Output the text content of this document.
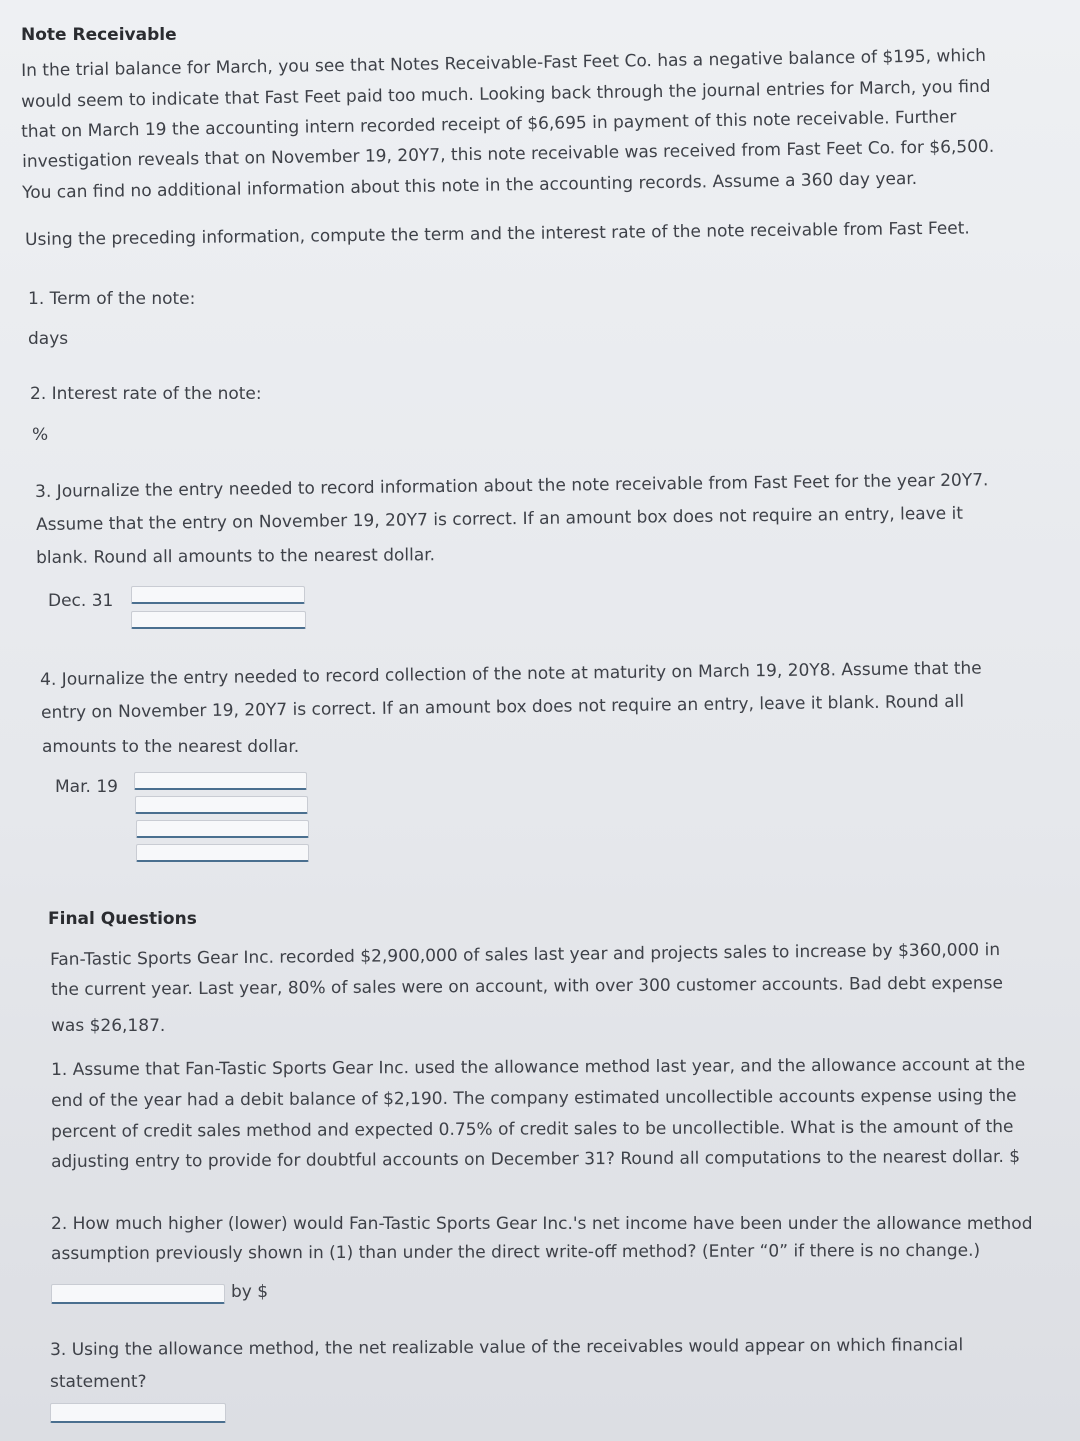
Note Receivable
In the trial balance for March, you see that Notes Receivable-Fast Feet Co. has a negative balance of $195, which
would seem to indicate that Fast Feet paid too much. Looking back through the journal entries for March, you find
that on March 19 the accounting intern recorded receipt of $6,695 in payment of this note receivable. Further
investigation reveals that on November 19, 20Y7, this note receivable was received from Fast Feet Co. for $6,500.
You can find no additional information about this note in the accounting records. Assume a 360 day year.
Using the preceding information, compute the term and the interest rate of the note receivable from Fast Feet.
1. Term of the note:
days
2. Interest rate of the note:
%
3. Journalize the entry needed to record information about the note receivable from Fast Feet for the year 20Y7.
Assume that the entry on November 19, 20Y7 is correct. If an amount box does not require an entry, leave it
blank. Round all amounts to the nearest dollar.
Dec. 31
4. Journalize the entry needed to record collection of the note at maturity on March 19, 20Y8. Assume that the
entry on November 19, 20Y7 is correct. If an amount box does not require an entry, leave it blank. Round all
amounts to the nearest dollar.
Mar. 19
Final Questions
Fan-Tastic Sports Gear Inc. recorded $2,900,000 of sales last year and projects sales to increase by $360,000 in
the current year. Last year, 80% of sales were on account, with over 300 customer accounts. Bad debt expense
was $26,187.
1. Assume that Fan-Tastic Sports Gear Inc. used the allowance method last year, and the allowance account at the
end of the year had a debit balance of $2,190. The company estimated uncollectible accounts expense using the
percent of credit sales method and expected 0.75% of credit sales to be uncollectible. What is the amount of the
adjusting entry to provide for doubtful accounts on December 31? Round all computations to the nearest dollar. $
2. How much higher (lower) would Fan-Tastic Sports Gear Inc.'s net income have been under the allowance method
assumption previously shown in (1) than under the direct write-off method? (Enter “0” if there is no change.)
by $
3. Using the allowance method, the net realizable value of the receivables would appear on which financial
statement?
